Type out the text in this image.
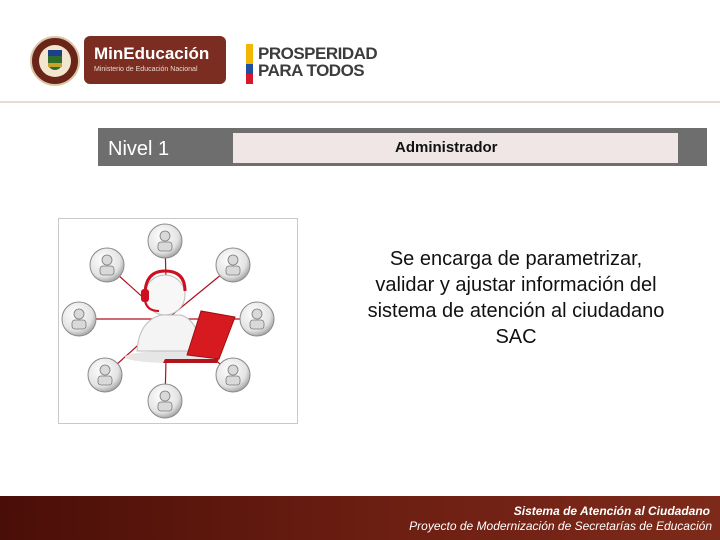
MinEducación
Ministerio de Educación Nacional
PROSPERIDAD
PARA TODOS
Nivel 1	Administrador
Se encarga de parametrizar, validar y ajustar información del sistema de atención al ciudadano SAC
Sistema de Atención al Ciudadano
Proyecto de Modernización de Secretarías de Educación
